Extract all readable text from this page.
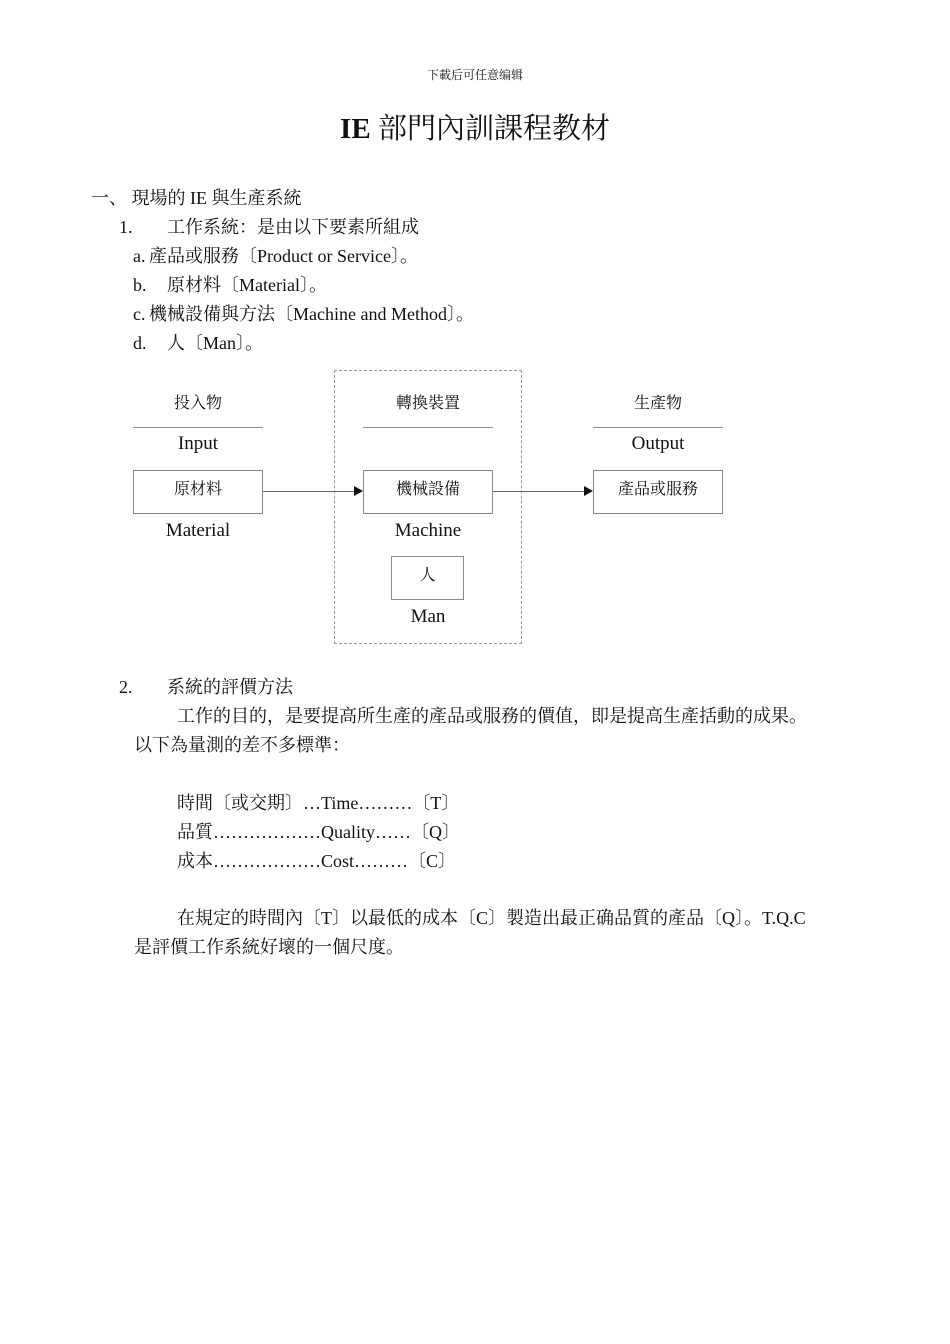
下載后可任意编辑
IE 部門內訓課程教材
一、 現場的 IE 與生產系統
1. 工作系統：是由以下要素所組成
a. 產品或服務〔Product or Service〕。
b. 原材料〔Material〕。
c. 機械設備與方法〔Machine and Method〕。
d. 人〔Man〕。
投入物
Input
原材料
Material
轉換裝置
機械設備
Machine
人
Man
生產物
Output
產品或服務
2. 系統的評價方法
工作的目的，是要提高所生產的產品或服務的價值，即是提高生產括動的成果。
以下為量測的差不多標準：
時間〔或交期〕…Time………〔T〕
品質………………Quality……〔Q〕
成本………………Cost………〔C〕
在規定的時間內〔T〕以最低的成本〔C〕製造出最正确品質的產品〔Q〕。T.Q.C
是評價工作系統好壞的一個尺度。
